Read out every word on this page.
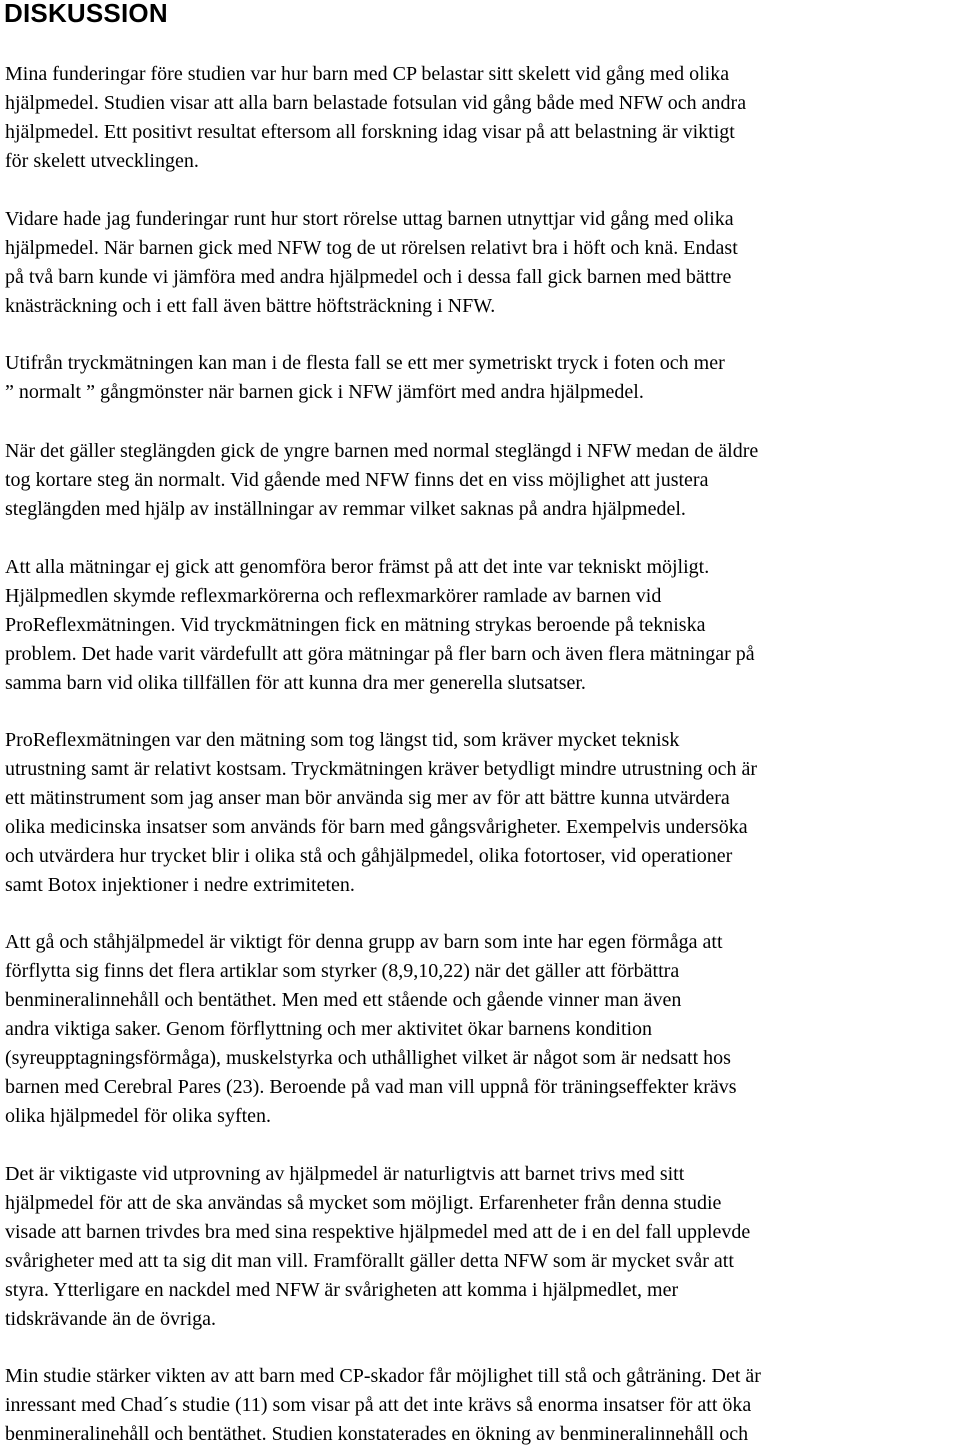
DISKUSSION

Mina funderingar före studien var hur barn med CP belastar sitt skelett vid gång med olika
hjälpmedel. Studien visar att alla barn belastade fotsulan vid gång både med NFW och andra
hjälpmedel. Ett positivt resultat eftersom all forskning idag visar på att belastning är viktigt
för skelett utvecklingen.

Vidare hade jag funderingar runt hur stort rörelse uttag barnen utnyttjar vid gång med olika
hjälpmedel. När barnen gick med NFW tog de ut rörelsen relativt bra i höft och knä. Endast
på två barn kunde vi jämföra med andra hjälpmedel och i dessa fall gick barnen med bättre
knästräckning och i ett fall även bättre höftsträckning i NFW.

Utifrån tryckmätningen kan man i de flesta fall se ett mer symetriskt tryck i foten och mer
” normalt ” gångmönster när barnen gick i NFW jämfört med andra hjälpmedel.

När det gäller steglängden gick de yngre barnen med normal steglängd i NFW medan de äldre
tog kortare steg än normalt. Vid gående med NFW finns det en viss möjlighet att justera
steglängden med hjälp av inställningar av remmar vilket saknas på andra hjälpmedel.

Att alla mätningar ej gick att genomföra beror främst på att det inte var tekniskt möjligt.
Hjälpmedlen skymde reflexmarkörerna och reflexmarkörer ramlade av barnen vid
ProReflexmätningen. Vid tryckmätningen fick en mätning strykas beroende på tekniska
problem. Det hade varit värdefullt att göra mätningar på fler barn och även flera mätningar på
samma barn vid olika tillfällen för att kunna dra mer generella slutsatser.

ProReflexmätningen var den mätning som tog längst tid, som kräver mycket teknisk
utrustning samt är relativt kostsam. Tryckmätningen kräver betydligt mindre utrustning och är
ett mätinstrument som jag anser man bör använda sig mer av för att bättre kunna utvärdera
olika medicinska insatser som används för barn med gångsvårigheter. Exempelvis undersöka
och utvärdera hur trycket blir i olika stå och gåhjälpmedel, olika fotortoser, vid operationer
samt Botox injektioner i nedre extrimiteten.

Att gå och ståhjälpmedel är viktigt för denna grupp av barn som inte har egen förmåga att
förflytta sig finns det flera artiklar som styrker (8,9,10,22) när det gäller att förbättra
benmineralinnehåll och bentäthet. Men med ett stående och gående vinner man även
andra viktiga saker. Genom förflyttning och mer aktivitet ökar barnens kondition
(syreupptagningsförmåga), muskelstyrka och uthållighet vilket är något som är nedsatt hos
barnen med Cerebral Pares (23). Beroende på vad man vill uppnå för träningseffekter krävs
olika hjälpmedel för olika syften.

Det är viktigaste vid utprovning av hjälpmedel är naturligtvis att barnet trivs med sitt
hjälpmedel för att de ska användas så mycket som möjligt. Erfarenheter från denna studie
visade att barnen trivdes bra med sina respektive hjälpmedel med att de i en del fall upplevde
svårigheter med att ta sig dit man vill. Framförallt gäller detta NFW som är mycket svår att
styra. Ytterligare en nackdel med NFW är svårigheten att komma i hjälpmedlet, mer
tidskrävande än de övriga.

Min studie stärker vikten av att barn med CP-skador får möjlighet till stå och gåträning. Det är
inressant med Chad´s studie (11) som visar på att det inte krävs så enorma insatser för att öka
benmineralinehåll och bentäthet. Studien konstaterades en ökning av benmineralinnehåll och
